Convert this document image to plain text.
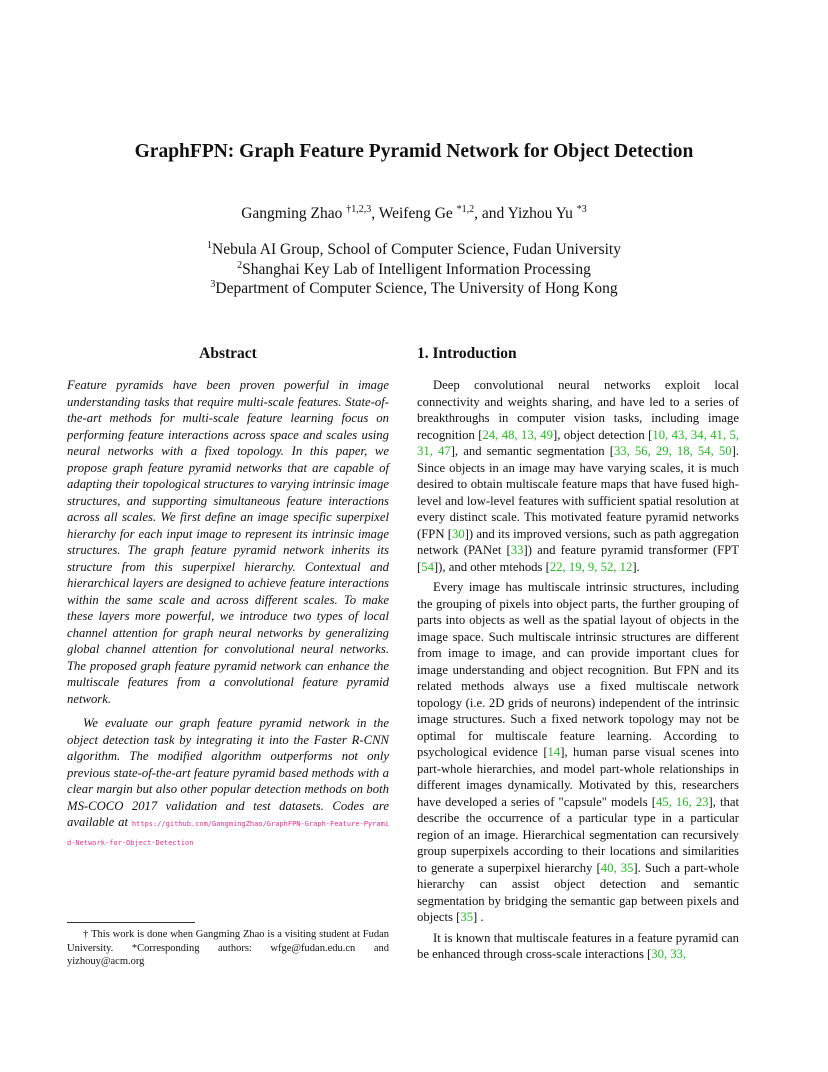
GraphFPN: Graph Feature Pyramid Network for Object Detection
Gangming Zhao $^{\dagger 1,2,3}$, Weifeng Ge $^{*1,2}$, and Yizhou Yu $^{*3}$
$^1$Nebula AI Group, School of Computer Science, Fudan University
$^2$Shanghai Key Lab of Intelligent Information Processing
$^3$Department of Computer Science, The University of Hong Kong
Abstract

Feature pyramids have been proven powerful in image understanding tasks that require multi-scale features. State-of-the-art methods for multi-scale feature learning focus on performing feature interactions across space and scales using neural networks with a fixed topology. In this paper, we propose graph feature pyramid networks that are capable of adapting their topological structures to varying intrinsic image structures, and supporting simultaneous feature interactions across all scales. We first define an image specific superpixel hierarchy for each input image to represent its intrinsic image structures. The graph feature pyramid network inherits its structure from this superpixel hierarchy. Contextual and hierarchical layers are designed to achieve feature interactions within the same scale and across different scales. To make these layers more powerful, we introduce two types of local channel attention for graph neural networks by generalizing global channel attention for convolutional neural networks. The proposed graph feature pyramid network can enhance the multiscale features from a convolutional feature pyramid network.

We evaluate our graph feature pyramid network in the object detection task by integrating it into the Faster R-CNN algorithm. The modified algorithm outperforms not only previous state-of-the-art feature pyramid based methods with a clear margin but also other popular detection methods on both MS-COCO 2017 validation and test datasets. Codes are available at https://github.com/GangmingZhao/GraphFPN-Graph-Feature-Pyramid-Network-for-Object-Detection

† This work is done when Gangming Zhao is a visiting student at Fudan University. *Corresponding authors: wfge@fudan.edu.cn and yizhouy@acm.org
1. Introduction

Deep convolutional neural networks exploit local connectivity and weights sharing, and have led to a series of breakthroughs in computer vision tasks, including image recognition [24, 48, 13, 49], object detection [10, 43, 34, 41, 5, 31, 47], and semantic segmentation [33, 56, 29, 18, 54, 50]. Since objects in an image may have varying scales, it is much desired to obtain multiscale feature maps that have fused high-level and low-level features with sufficient spatial resolution at every distinct scale. This motivated feature pyramid networks (FPN [30]) and its improved versions, such as path aggregation network (PANet [33]) and feature pyramid transformer (FPT [54]), and other mtehods [22, 19, 9, 52, 12].

Every image has multiscale intrinsic structures, including the grouping of pixels into object parts, the further grouping of parts into objects as well as the spatial layout of objects in the image space. Such multiscale intrinsic structures are different from image to image, and can provide important clues for image understanding and object recognition. But FPN and its related methods always use a fixed multiscale network topology (i.e. 2D grids of neurons) independent of the intrinsic image structures. Such a fixed network topology may not be optimal for multiscale feature learning. According to psychological evidence [14], human parse visual scenes into part-whole hierarchies, and model part-whole relationships in different images dynamically. Motivated by this, researchers have developed a series of "capsule" models [45, 16, 23], that describe the occurrence of a particular type in a particular region of an image. Hierarchical segmentation can recursively group superpixels according to their locations and similarities to generate a superpixel hierarchy [40, 35]. Such a part-whole hierarchy can assist object detection and semantic segmentation by bridging the semantic gap between pixels and objects [35] .

It is known that multiscale features in a feature pyramid can be enhanced through cross-scale interactions [30, 33,
